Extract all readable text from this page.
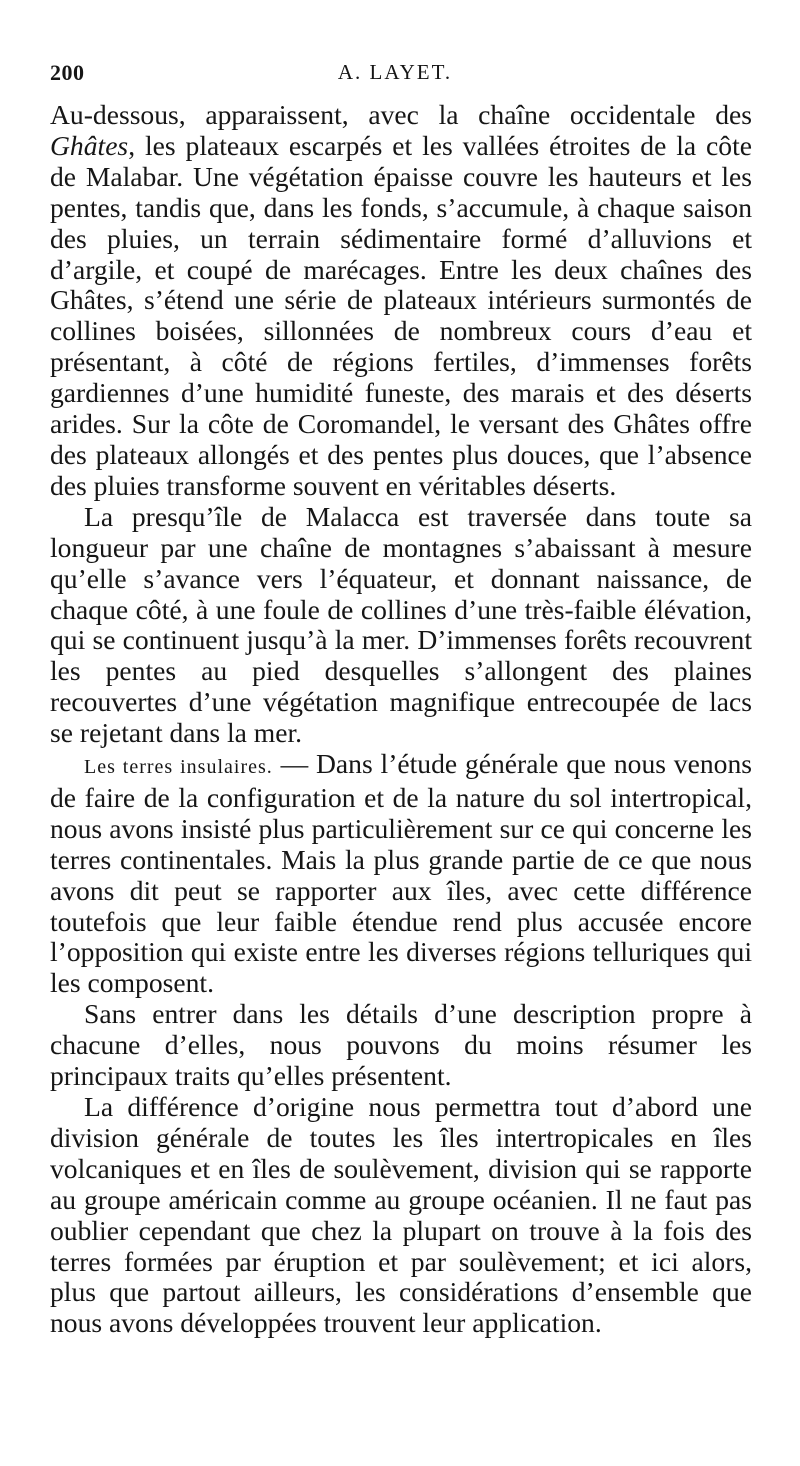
200	A. LAYET.

Au-dessous, apparaissent, avec la chaîne occidentale des Ghâtes, les plateaux escarpés et les vallées étroites de la côte de Malabar. Une végétation épaisse couvre les hauteurs et les pentes, tandis que, dans les fonds, s’accumule, à chaque saison des pluies, un terrain sédimentaire formé d’alluvions et d’argile, et coupé de marécages. Entre les deux chaînes des Ghâtes, s’étend une série de plateaux intérieurs surmontés de collines boisées, sillonnées de nombreux cours d’eau et présentant, à côté de régions fertiles, d’immenses forêts gardiennes d’une humidité funeste, des marais et des déserts arides. Sur la côte de Coromandel, le versant des Ghâtes offre des plateaux allongés et des pentes plus douces, que l’absence des pluies transforme souvent en véritables déserts.

La presqu’île de Malacca est traversée dans toute sa longueur par une chaîne de montagnes s’abaissant à mesure qu’elle s’avance vers l’équateur, et donnant naissance, de chaque côté, à une foule de collines d’une très-faible élévation, qui se continuent jusqu’à la mer. D’immenses forêts recouvrent les pentes au pied desquelles s’allongent des plaines recouvertes d’une végétation magnifique entrecoupée de lacs se rejetant dans la mer.

Les terres insulaires. — Dans l’étude générale que nous venons de faire de la configuration et de la nature du sol intertropical, nous avons insisté plus particulièrement sur ce qui concerne les terres continentales. Mais la plus grande partie de ce que nous avons dit peut se rapporter aux îles, avec cette différence toutefois que leur faible étendue rend plus accusée encore l’opposition qui existe entre les diverses régions telluriques qui les composent.

Sans entrer dans les détails d’une description propre à chacune d’elles, nous pouvons du moins résumer les principaux traits qu’elles présentent.

La différence d’origine nous permettra tout d’abord une division générale de toutes les îles intertropicales en îles volcaniques et en îles de soulèvement, division qui se rapporte au groupe américain comme au groupe océanien. Il ne faut pas oublier cependant que chez la plupart on trouve à la fois des terres formées par éruption et par soulèvement; et ici alors, plus que partout ailleurs, les considérations d’ensemble que nous avons développées trouvent leur application.
